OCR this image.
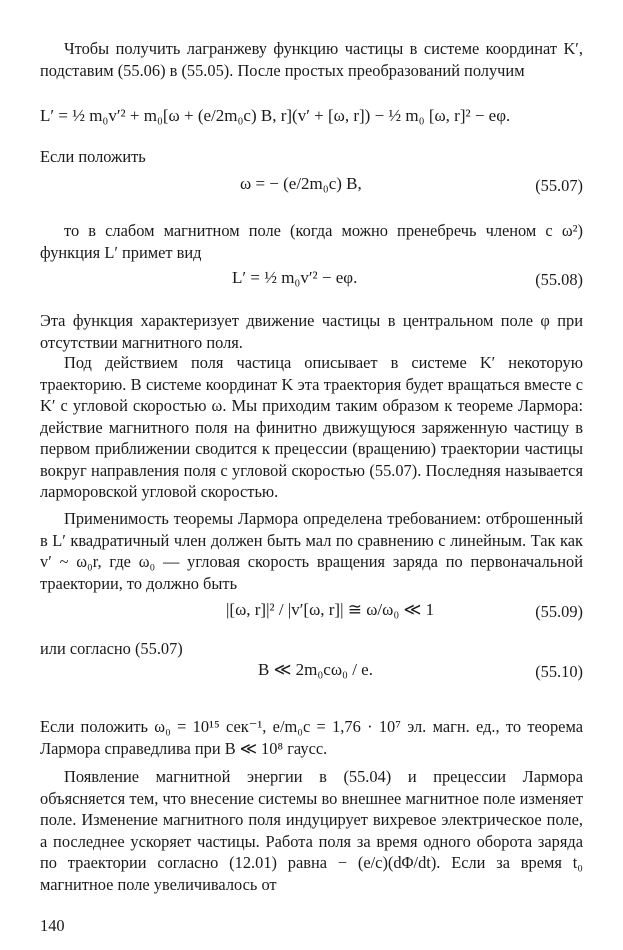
Чтобы получить лагранжеву функцию частицы в системе координат K′, подставим (55.06) в (55.05). После простых преобразований получим

L′ = ½ m₀v′² + m₀[ω + (e/2m₀c) B, r](v′ + [ω, r]) − ½ m₀ [ω, r]² − eφ.

Если положить

ω = − (e/2m₀c) B,	(55.07)

то в слабом магнитном поле (когда можно пренебречь членом с ω²) функция L′ примет вид

L′ = ½ m₀v′² − eφ.	(55.08)

Эта функция характеризует движение частицы в центральном поле φ при отсутствии магнитного поля.

Под действием поля частица описывает в системе K′ некоторую траекторию. В системе координат K эта траектория будет вращаться вместе с K′ с угловой скоростью ω. Мы приходим таким образом к теореме Лармора: действие магнитного поля на финитно движущуюся заряженную частицу в первом приближении сводится к прецессии (вращению) траектории частицы вокруг направления поля с угловой скоростью (55.07). Последняя называется ларморовской угловой скоростью.

Применимость теоремы Лармора определена требованием: отброшенный в L′ квадратичный член должен быть мал по сравнению с линейным. Так как v′ ~ ω₀r, где ω₀ — угловая скорость вращения заряда по первоначальной траектории, то должно быть

|[ω, r]|² / |v′[ω, r]| ≅ ω/ω₀ ≪ 1	(55.09)

или согласно (55.07)

B ≪ 2m₀cω₀ / e.	(55.10)

Если положить ω₀ = 10¹⁵ сек⁻¹, e/m₀c = 1,76 · 10⁷ эл. магн. ед., то теорема Лармора справедлива при B ≪ 10⁸ гаусс.

Появление магнитной энергии в (55.04) и прецессии Лармора объясняется тем, что внесение системы во внешнее магнитное поле изменяет поле. Изменение магнитного поля индуцирует вихревое электрическое поле, а последнее ускоряет частицы. Работа поля за время одного оборота заряда по траектории согласно (12.01) равна − (e/c)(dΦ/dt). Если за время t₀ магнитное поле увеличивалось от

140
